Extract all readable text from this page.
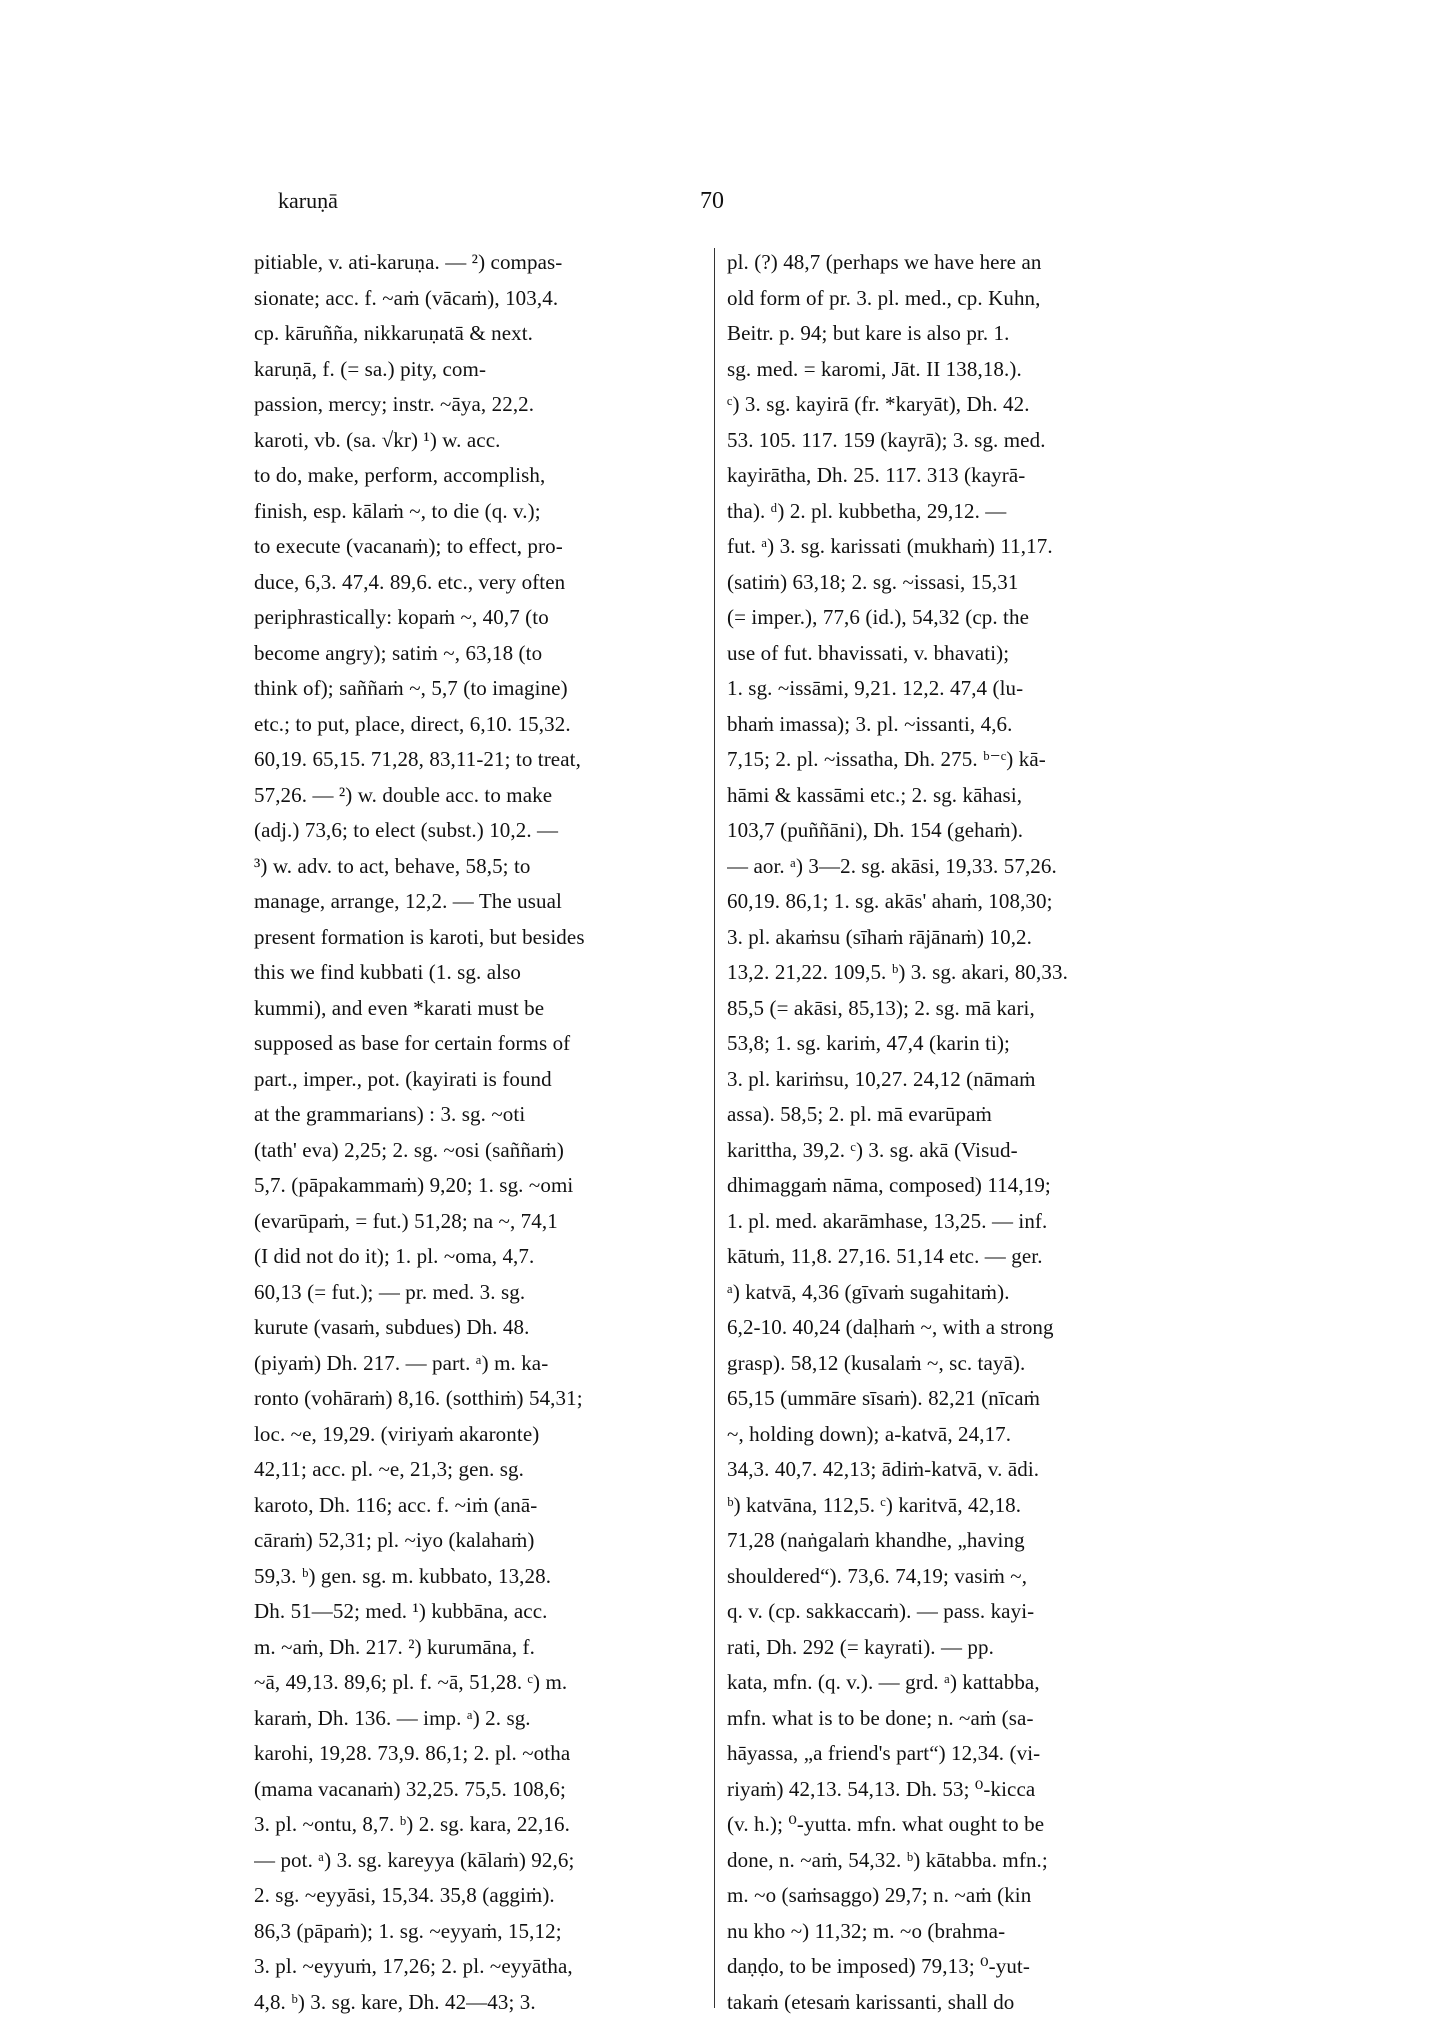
karuṇā	70
pitiable, v. ati-karuṇa. — ²) compas-
sionate; acc. f. ~aṁ (vācaṁ), 103,4.
cp. kāruñña, nikkaruṇatā & next.
karuṇā, f. (= sa.) pity, com-
passion, mercy; instr. ~āya, 22,2.
karoti, vb. (sa. √kr) ¹) w. acc.
to do, make, perform, accomplish,
finish, esp. kālaṁ ~, to die (q. v.);
to execute (vacanaṁ); to effect, pro-
duce, 6,3. 47,4. 89,6. etc., very often
periphrastically: kopaṁ ~, 40,7 (to
become angry); satiṁ ~, 63,18 (to
think of); saññaṁ ~, 5,7 (to imagine)
etc.; to put, place, direct, 6,10. 15,32.
60,19. 65,15. 71,28, 83,11-21; to treat,
57,26. — ²) w. double acc. to make
(adj.) 73,6; to elect (subst.) 10,2. —
³) w. adv. to act, behave, 58,5; to
manage, arrange, 12,2. — The usual
present formation is karoti, but besides
this we find kubbati (1. sg. also
kummi), and even *karati must be
supposed as base for certain forms of
part., imper., pot. (kayirati is found
at the grammarians) : 3. sg. ~oti
(tath' eva) 2,25; 2. sg. ~osi (saññaṁ)
5,7. (pāpakammaṁ) 9,20; 1. sg. ~omi
(evarūpaṁ, = fut.) 51,28; na ~, 74,1
(I did not do it); 1. pl. ~oma, 4,7.
60,13 (= fut.); — pr. med. 3. sg.
kurute (vasaṁ, subdues) Dh. 48.
(piyaṁ) Dh. 217. — part. ᵃ) m. ka-
ronto (vohāraṁ) 8,16. (sotthiṁ) 54,31;
loc. ~e, 19,29. (viriyaṁ akaronte)
42,11; acc. pl. ~e, 21,3; gen. sg.
karoto, Dh. 116; acc. f. ~iṁ (anā-
cāraṁ) 52,31; pl. ~iyo (kalahaṁ)
59,3. ᵇ) gen. sg. m. kubbato, 13,28.
Dh. 51—52; med. ¹) kubbāna, acc.
m. ~aṁ, Dh. 217. ²) kurumāna, f.
~ā, 49,13. 89,6; pl. f. ~ā, 51,28. ᶜ) m.
karaṁ, Dh. 136. — imp. ᵃ) 2. sg.
karohi, 19,28. 73,9. 86,1; 2. pl. ~otha
(mama vacanaṁ) 32,25. 75,5. 108,6;
3. pl. ~ontu, 8,7. ᵇ) 2. sg. kara, 22,16.
— pot. ᵃ) 3. sg. kareyya (kālaṁ) 92,6;
2. sg. ~eyyāsi, 15,34. 35,8 (aggiṁ).
86,3 (pāpaṁ); 1. sg. ~eyyaṁ, 15,12;
3. pl. ~eyyuṁ, 17,26; 2. pl. ~eyyātha,
4,8. ᵇ) 3. sg. kare, Dh. 42—43; 3.
pl. (?) 48,7 (perhaps we have here an
old form of pr. 3. pl. med., cp. Kuhn,
Beitr. p. 94; but kare is also pr. 1.
sg. med. = karomi, Jāt. II 138,18.).
ᶜ) 3. sg. kayirā (fr. *karyāt), Dh. 42.
53. 105. 117. 159 (kayrā); 3. sg. med.
kayirātha, Dh. 25. 117. 313 (kayrā-
tha). ᵈ) 2. pl. kubbetha, 29,12. —
fut. ᵃ) 3. sg. karissati (mukhaṁ) 11,17.
(satiṁ) 63,18; 2. sg. ~issasi, 15,31
(= imper.), 77,6 (id.), 54,32 (cp. the
use of fut. bhavissati, v. bhavati);
1. sg. ~issāmi, 9,21. 12,2. 47,4 (lu-
bhaṁ imassa); 3. pl. ~issanti, 4,6.
7,15; 2. pl. ~issatha, Dh. 275. ᵇ⁻ᶜ) kā-
hāmi & kassāmi etc.; 2. sg. kāhasi,
103,7 (puññāni), Dh. 154 (gehaṁ).
— aor. ᵃ) 3—2. sg. akāsi, 19,33. 57,26.
60,19. 86,1; 1. sg. akās' ahaṁ, 108,30;
3. pl. akaṁsu (sīhaṁ rājānaṁ) 10,2.
13,2. 21,22. 109,5. ᵇ) 3. sg. akari, 80,33.
85,5 (= akāsi, 85,13); 2. sg. mā kari,
53,8; 1. sg. kariṁ, 47,4 (karin ti);
3. pl. kariṁsu, 10,27. 24,12 (nāmaṁ
assa). 58,5; 2. pl. mā evarūpaṁ
karittha, 39,2. ᶜ) 3. sg. akā (Visud-
dhimaggaṁ nāma, composed) 114,19;
1. pl. med. akarāmhase, 13,25. — inf.
kātuṁ, 11,8. 27,16. 51,14 etc. — ger.
ᵃ) katvā, 4,36 (gīvaṁ sugahitaṁ).
6,2-10. 40,24 (daḷhaṁ ~, with a strong
grasp). 58,12 (kusalaṁ ~, sc. tayā).
65,15 (ummāre sīsaṁ). 82,21 (nīcaṁ
~, holding down); a-katvā, 24,17.
34,3. 40,7. 42,13; ādiṁ-katvā, v. ādi.
ᵇ) katvāna, 112,5. ᶜ) karitvā, 42,18.
71,28 (naṅgalaṁ khandhe, „having
shouldered“). 73,6. 74,19; vasiṁ ~,
q. v. (cp. sakkaccaṁ). — pass. kayi-
rati, Dh. 292 (= kayrati). — pp.
kata, mfn. (q. v.). — grd. ᵃ) kattabba,
mfn. what is to be done; n. ~aṁ (sa-
hāyassa, „a friend's part“) 12,34. (vi-
riyaṁ) 42,13. 54,13. Dh. 53; ⁰-kicca
(v. h.); ⁰-yutta. mfn. what ought to be
done, n. ~aṁ, 54,32. ᵇ) kātabba. mfn.;
m. ~o (saṁsaggo) 29,7; n. ~aṁ (kin
nu kho ~) 11,32; m. ~o (brahma-
daṇḍo, to be imposed) 79,13; ⁰-yut-
takaṁ (etesaṁ karissanti, shall do
